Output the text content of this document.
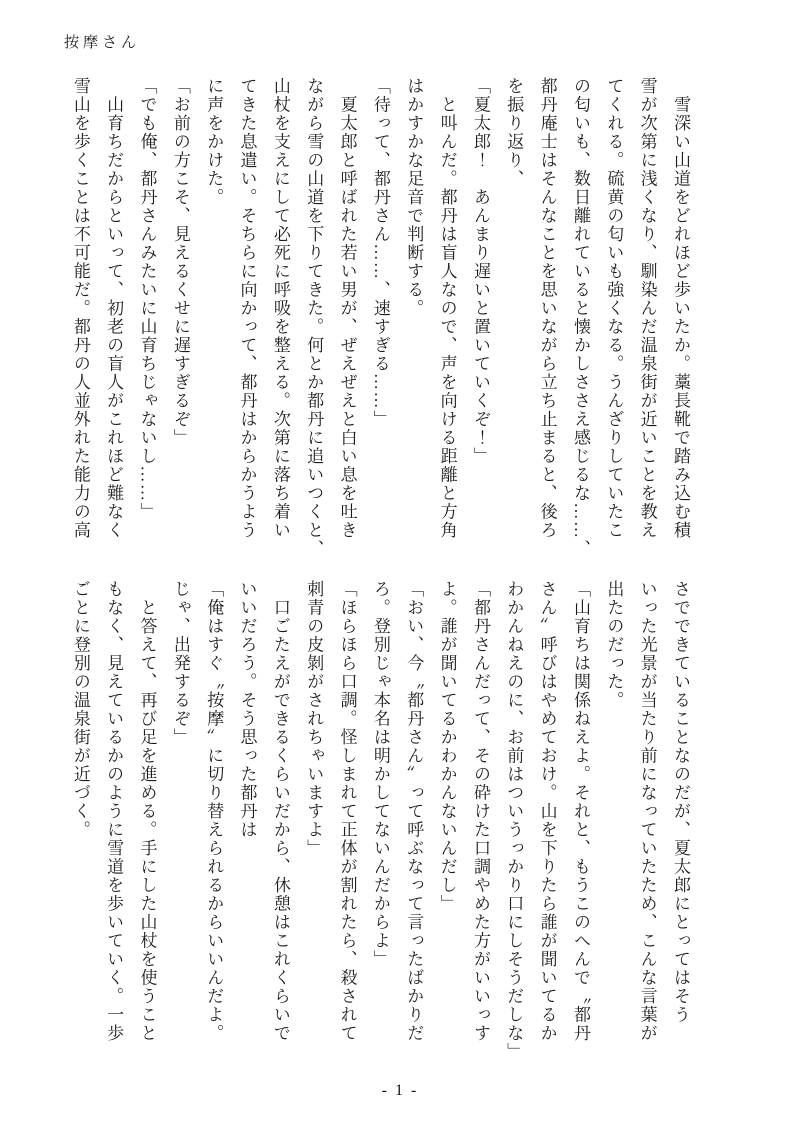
按摩さん
　雪深い山道をどれほど歩いたか。藁長靴で踏み込む積
雪が次第に浅くなり、馴染んだ温泉街が近いことを教え
てくれる。硫黄の匂いも強くなる。うんざりしていたこ
の匂いも、数日離れていると懐かしささえ感じるな……、
都丹庵士はそんなことを思いながら立ち止まると、後ろ
を振り返り、
「夏太郎！　あんまり遅いと置いていくぞ！」
　と叫んだ。都丹は盲人なので、声を向ける距離と方角
はかすかな足音で判断する。
「待って、都丹さん……、速すぎる……」
　夏太郎と呼ばれた若い男が、ぜえぜえと白い息を吐き
ながら雪の山道を下りてきた。何とか都丹に追いつくと、
山杖を支えにして必死に呼吸を整える。次第に落ち着い
てきた息遣い。そちらに向かって、都丹はからかうよう
に声をかけた。
「お前の方こそ、見えるくせに遅すぎるぞ」
「でも俺、都丹さんみたいに山育ちじゃないし……」
　山育ちだからといって、初老の盲人がこれほど難なく
雪山を歩くことは不可能だ。都丹の人並外れた能力の高
さでできていることなのだが、夏太郎にとってはそう
いった光景が当たり前になっていたため、こんな言葉が
出たのだった。
「山育ちは関係ねえよ。それと、もうこのへんで〝都丹
さん〟呼びはやめておけ。山を下りたら誰が聞いてるか
わかんねえのに、お前はついうっかり口にしそうだしな」
「都丹さんだって、その砕けた口調やめた方がいいっす
よ。誰が聞いてるかわかんないんだし」
「おい、今〝都丹さん〟って呼ぶなって言ったばかりだ
ろ。登別じゃ本名は明かしてないんだからよ」
「ほらほら口調。怪しまれて正体が割れたら、殺されて
刺青の皮剝がされちゃいますよ」
　口ごたえができるくらいだから、休憩はこれくらいで
いいだろう。そう思った都丹は
「俺はすぐ〝按摩〟に切り替えられるからいいんだよ。
じゃ、出発するぞ」
　と答えて、再び足を進める。手にした山杖を使うこと
もなく、見えているかのように雪道を歩いていく。一歩
ごとに登別の温泉街が近づく。
- 1 -
